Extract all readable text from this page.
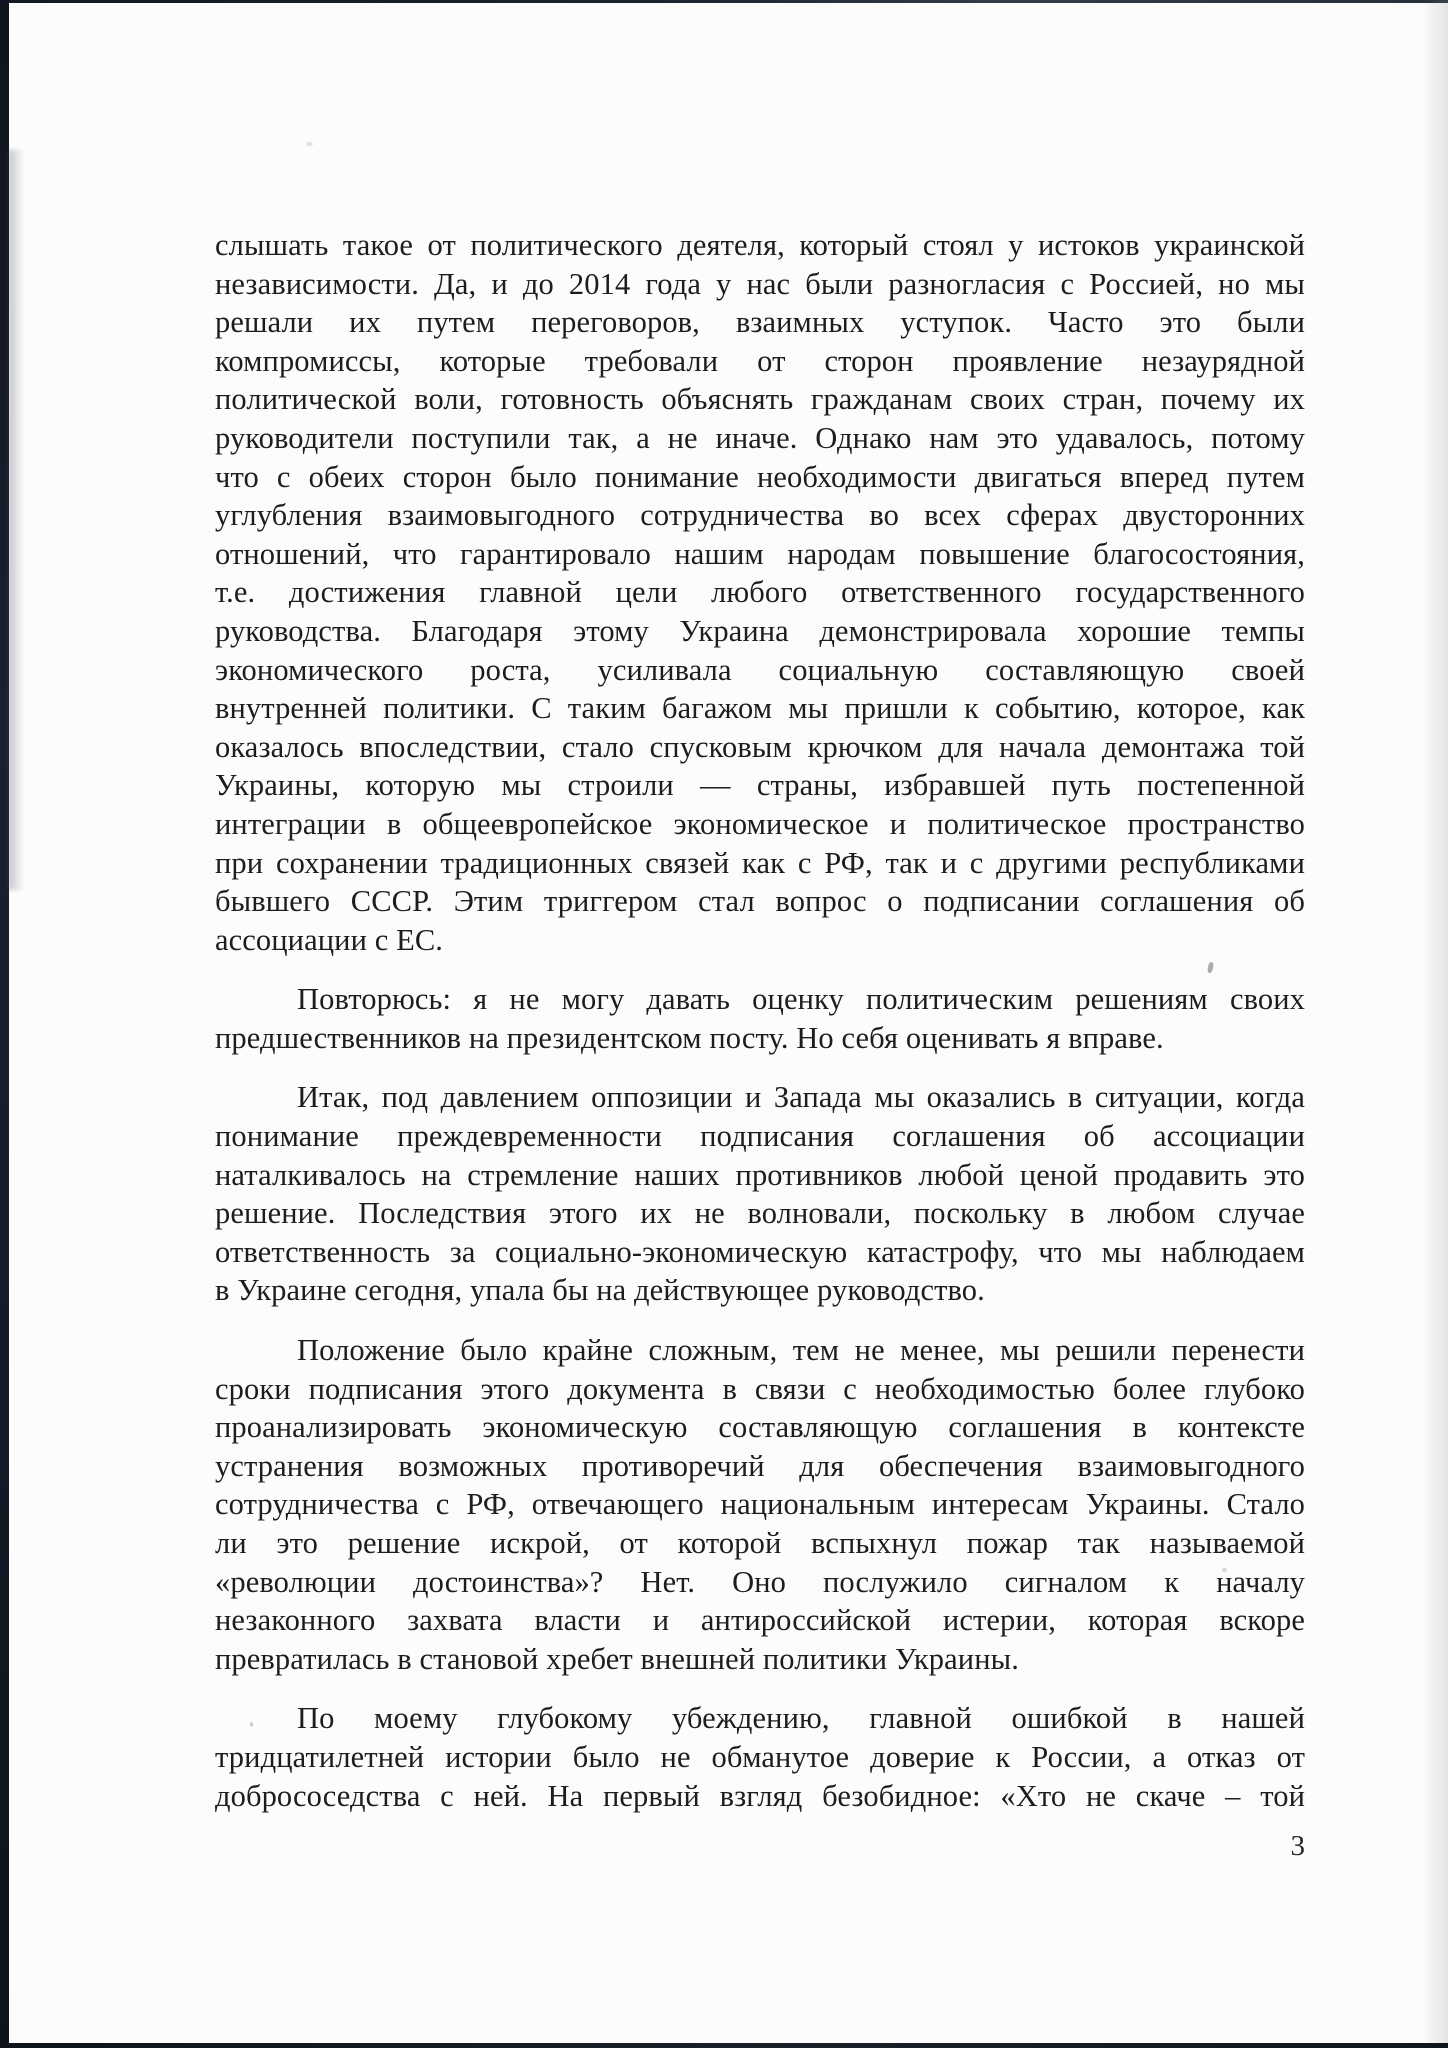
слышать такое от политического деятеля, который стоял у истоков украинской
независимости. Да, и до 2014 года у нас были разногласия с Россией, но мы
решали их путем переговоров, взаимных уступок. Часто это были
компромиссы, которые требовали от сторон проявление незаурядной
политической воли, готовность объяснять гражданам своих стран, почему их
руководители поступили так, а не иначе. Однако нам это удавалось, потому
что с обеих сторон было понимание необходимости двигаться вперед путем
углубления взаимовыгодного сотрудничества во всех сферах двусторонних
отношений, что гарантировало нашим народам повышение благосостояния,
т.е. достижения главной цели любого ответственного государственного
руководства. Благодаря этому Украина демонстрировала хорошие темпы
экономического роста, усиливала социальную составляющую своей
внутренней политики. С таким багажом мы пришли к событию, которое, как
оказалось впоследствии, стало спусковым крючком для начала демонтажа той
Украины, которую мы строили — страны, избравшей путь постепенной
интеграции в общеевропейское экономическое и политическое пространство
при сохранении традиционных связей как с РФ, так и с другими республиками
бывшего СССР. Этим триггером стал вопрос о подписании соглашения об
ассоциации с ЕС.
Повторюсь: я не могу давать оценку политическим решениям своих
предшественников на президентском посту. Но себя оценивать я вправе.
Итак, под давлением оппозиции и Запада мы оказались в ситуации, когда
понимание преждевременности подписания соглашения об ассоциации
наталкивалось на стремление наших противников любой ценой продавить это
решение. Последствия этого их не волновали, поскольку в любом случае
ответственность за социально-экономическую катастрофу, что мы наблюдаем
в Украине сегодня, упала бы на действующее руководство.
Положение было крайне сложным, тем не менее, мы решили перенести
сроки подписания этого документа в связи с необходимостью более глубоко
проанализировать экономическую составляющую соглашения в контексте
устранения возможных противоречий для обеспечения взаимовыгодного
сотрудничества с РФ, отвечающего национальным интересам Украины. Стало
ли это решение искрой, от которой вспыхнул пожар так называемой
«революции достоинства»? Нет. Оно послужило сигналом к началу
незаконного захвата власти и антироссийской истерии, которая вскоре
превратилась в становой хребет внешней политики Украины.
По моему глубокому убеждению, главной ошибкой в нашей
тридцатилетней истории было не обманутое доверие к России, а отказ от
добрососедства с ней. На первый взгляд безобидное: «Хто не скаче – той
3
